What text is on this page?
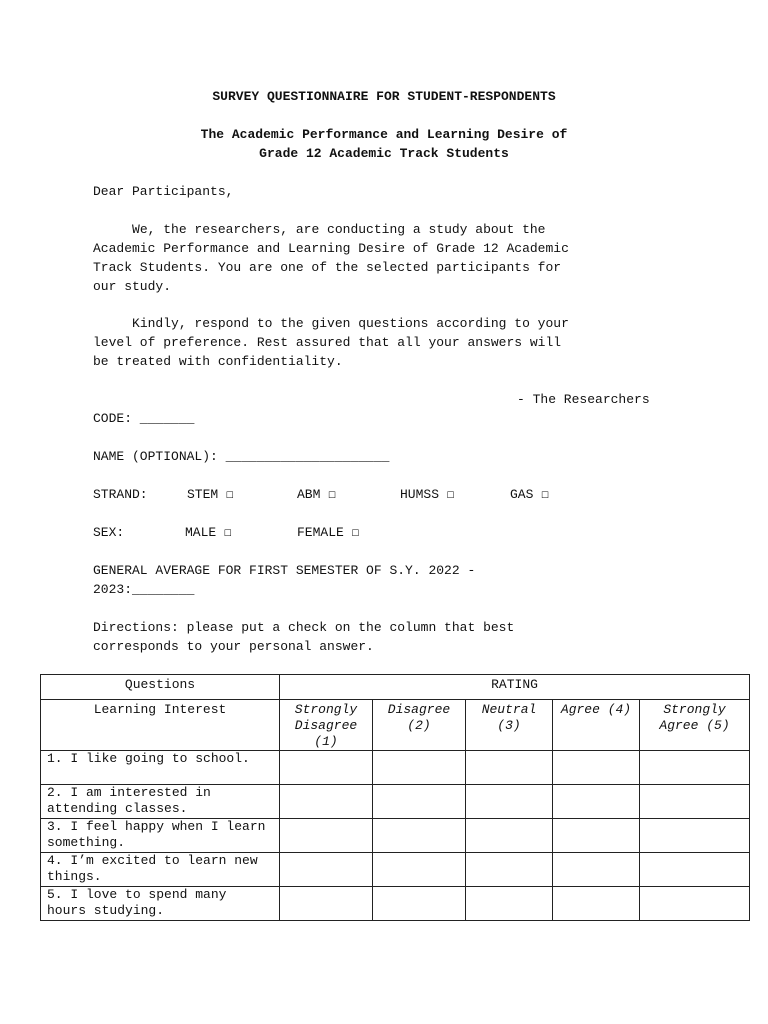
SURVEY QUESTIONNAIRE FOR STUDENT-RESPONDENTS
The Academic Performance and Learning Desire of
Grade 12 Academic Track Students
Dear Participants,
We, the researchers, are conducting a study about the
Academic Performance and Learning Desire of Grade 12 Academic
Track Students. You are one of the selected participants for
our study.
Kindly, respond to the given questions according to your
level of preference. Rest assured that all your answers will
be treated with confidentiality.
- The Researchers
CODE: _______
NAME (OPTIONAL): _____________________
STRAND:	STEM ☐	ABM ☐	HUMSS ☐	GAS ☐
SEX:	MALE ☐	FEMALE ☐
GENERAL AVERAGE FOR FIRST SEMESTER OF S.Y. 2022 -
2023:________
Directions: please put a check on the column that best
corresponds to your personal answer.
Questions	RATING				
Learning Interest	Strongly Disagree (1)	Disagree (2)	Neutral (3)	Agree (4)	Strongly Agree (5)
1. I like going to school.					
2. I am interested in attending classes.					
3. I feel happy when I learn something.					
4. I’m excited to learn new things.					
5. I love to spend many hours studying.					
